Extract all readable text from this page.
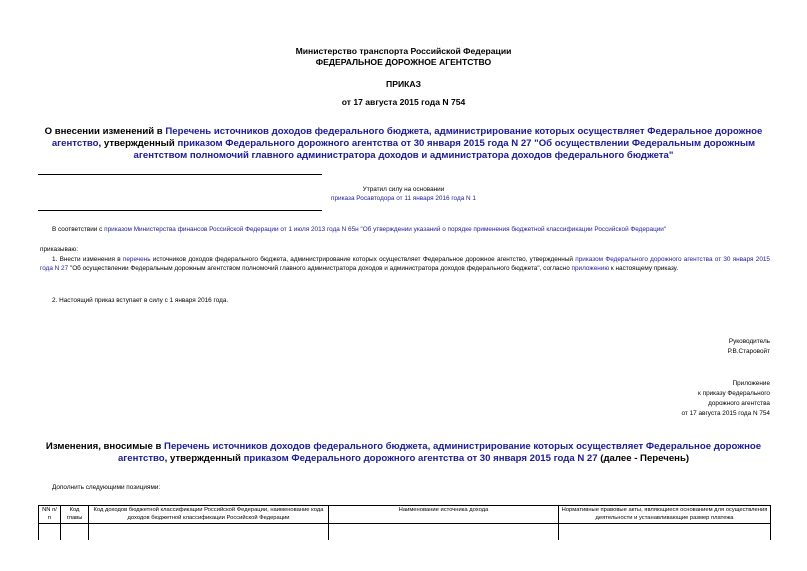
Министерство транспорта Российской Федерации
ФЕДЕРАЛЬНОЕ ДОРОЖНОЕ АГЕНТСТВО
ПРИКАЗ
от 17 августа 2015 года N 754
О внесении изменений в Перечень источников доходов федерального бюджета, администрирование которых осуществляет Федеральное дорожное агентство, утвержденный приказом Федерального дорожного агентства от 30 января 2015 года N 27 "Об осуществлении Федеральным дорожным агентством полномочий главного администратора доходов и администратора доходов федерального бюджета"
Утратил силу на основании
приказа Росавтодора от 11 января 2016 года N 1
В соответствии с приказом Министерства финансов Российской Федерации от 1 июля 2013 года N 65н "Об утверждении указаний о порядке применения бюджетной классификации Российской Федерации"
приказываю:
1. Внести изменения в перечень источников доходов федерального бюджета, администрирование которых осуществляет Федеральное дорожное агентство, утвержденный приказом Федерального дорожного агентства от 30 января 2015 года N 27 "Об осуществлении Федеральным дорожным агентством полномочий главного администратора доходов и администратора доходов федерального бюджета", согласно приложению к настоящему приказу.
2. Настоящий приказ вступает в силу с 1 января 2016 года.
Руководитель
Р.В.Старовойт
Приложение
к приказу Федерального
дорожного агентства
от 17 августа 2015 года N 754
Изменения, вносимые в Перечень источников доходов федерального бюджета, администрирование которых осуществляет Федеральное дорожное агентство, утвержденный приказом Федерального дорожного агентства от 30 января 2015 года N 27 (далее - Перечень)
Дополнить следующими позициями:
NN п/п	Код главы	Код доходов бюджетной классификации Российской Федерации, наименование кода доходов бюджетной классификации Российской Федерации	Наименование источника дохода	Нормативные правовые акты, являющиеся основанием для осуществления деятельности и устанавливающие размер платежа
